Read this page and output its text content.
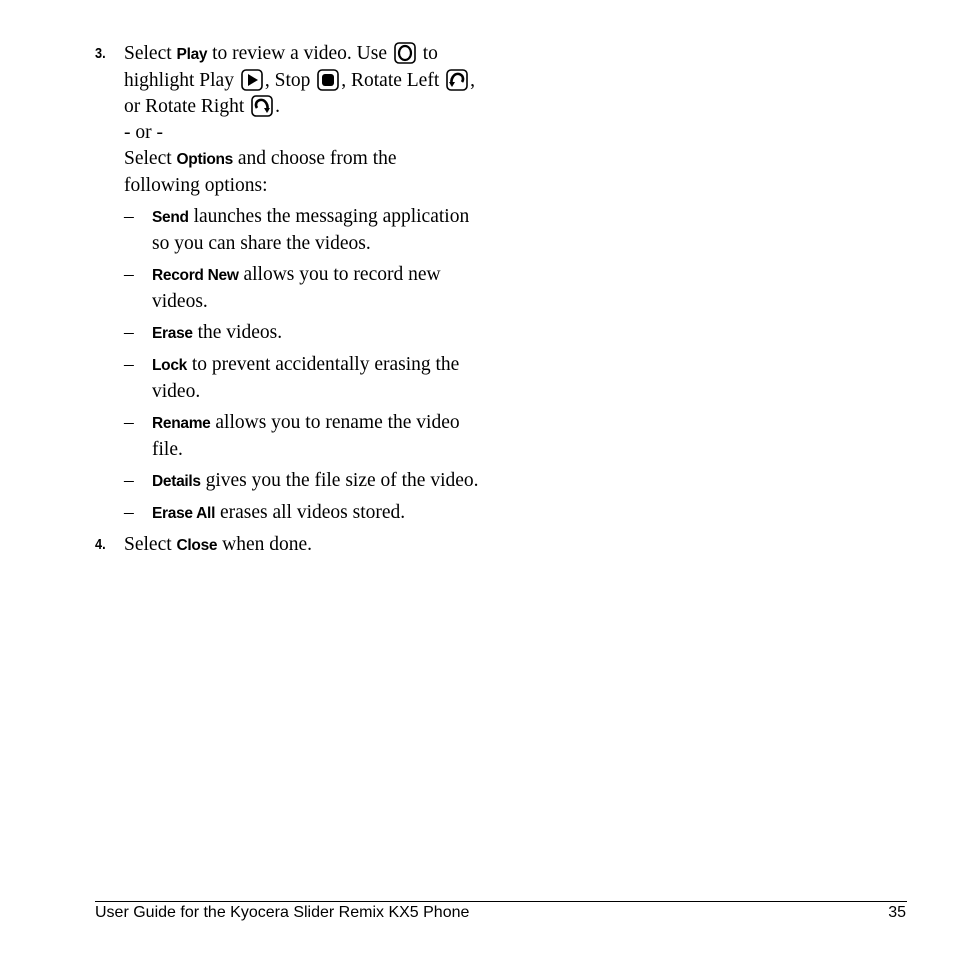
3. Select Play to review a video. Use  to highlight Play , Stop , Rotate Left , or Rotate Right .
- or -
Select Options and choose from the following options:
– Send launches the messaging application so you can share the videos.
– Record New allows you to record new videos.
– Erase the videos.
– Lock to prevent accidentally erasing the video.
– Rename allows you to rename the video file.
– Details gives you the file size of the video.
– Erase All erases all videos stored.
4. Select Close when done.
User Guide for the Kyocera Slider Remix KX5 Phone	35
